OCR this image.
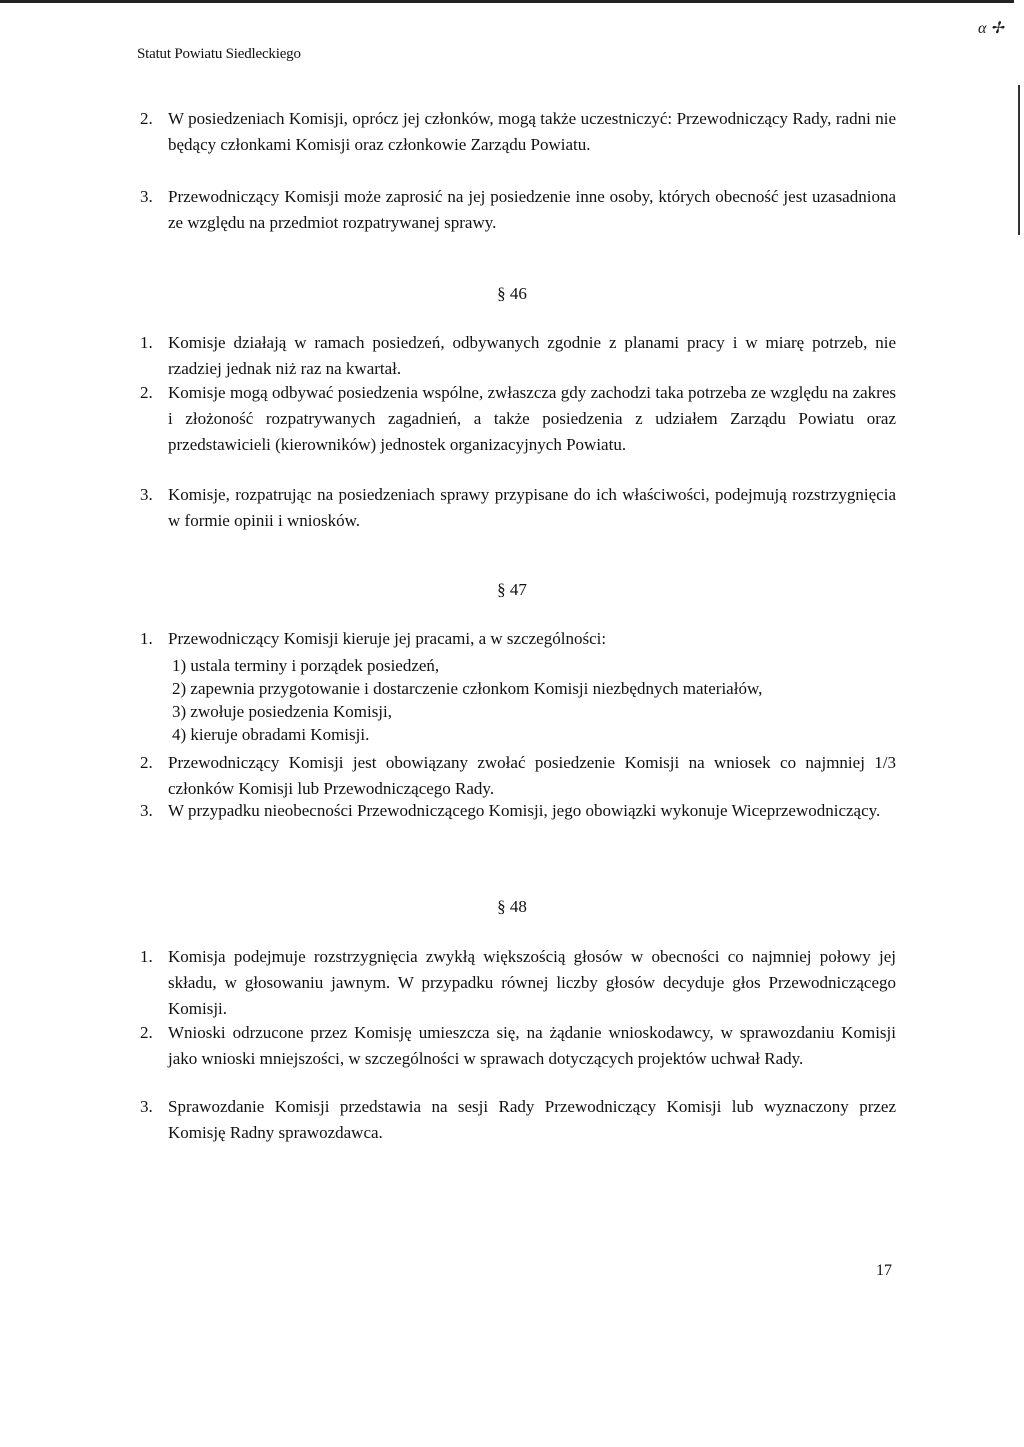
Statut Powiatu Siedleckiego
α ✢
2. W posiedzeniach Komisji, oprócz jej członków, mogą także uczestniczyć: Przewodniczący Rady, radni nie będący członkami Komisji oraz członkowie Zarządu Powiatu.
3. Przewodniczący Komisji może zaprosić na jej posiedzenie inne osoby, których obecność jest uzasadniona ze względu na przedmiot rozpatrywanej sprawy.
§ 46
1. Komisje działają w ramach posiedzeń, odbywanych zgodnie z planami pracy i w miarę potrzeb, nie rzadziej jednak niż raz na kwartał.
2. Komisje mogą odbywać posiedzenia wspólne, zwłaszcza gdy zachodzi taka potrzeba ze względu na zakres i złożoność rozpatrywanych zagadnień, a także posiedzenia z udziałem Zarządu Powiatu oraz przedstawicieli (kierowników) jednostek organizacyjnych Powiatu.
3. Komisje, rozpatrując na posiedzeniach sprawy przypisane do ich właściwości, podejmują rozstrzygnięcia w formie opinii i wniosków.
§ 47
1. Przewodniczący Komisji kieruje jej pracami, a w szczególności:
1) ustala terminy i porządek posiedzeń,
2) zapewnia przygotowanie i dostarczenie członkom Komisji niezbędnych materiałów,
3) zwołuje posiedzenia Komisji,
4) kieruje obradami Komisji.
2. Przewodniczący Komisji jest obowiązany zwołać posiedzenie Komisji na wniosek co najmniej 1/3 członków Komisji lub Przewodniczącego Rady.
3. W przypadku nieobecności Przewodniczącego Komisji, jego obowiązki wykonuje Wiceprzewodniczący.
§ 48
1. Komisja podejmuje rozstrzygnięcia zwykłą większością głosów w obecności co najmniej połowy jej składu, w głosowaniu jawnym. W przypadku równej liczby głosów decyduje głos Przewodniczącego Komisji.
2. Wnioski odrzucone przez Komisję umieszcza się, na żądanie wnioskodawcy, w sprawozdaniu Komisji jako wnioski mniejszości, w szczególności w sprawach dotyczących projektów uchwał Rady.
3. Sprawozdanie Komisji przedstawia na sesji Rady Przewodniczący Komisji lub wyznaczony przez Komisję Radny sprawozdawca.
17
